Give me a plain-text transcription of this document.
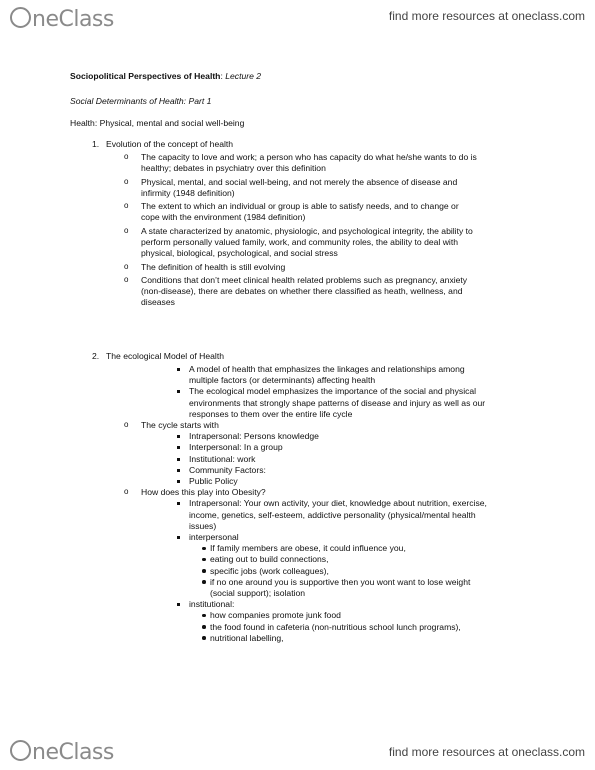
neClass	find more resources at oneclass.com
Sociopolitical Perspectives of Health: Lecture 2
Social Determinants of Health: Part 1
Health: Physical, mental and social well-being
1. Evolution of the concept of health
o The capacity to love and work; a person who has capacity do what he/she wants to do is
healthy; debates in psychiatry over this definition
o Physical, mental, and social well-being, and not merely the absence of disease and
infirmity (1948 definition)
o The extent to which an individual or group is able to satisfy needs, and to change or
cope with the environment (1984 definition)
o A state characterized by anatomic, physiologic, and psychological integrity, the ability to
perform personally valued family, work, and community roles, the ability to deal with
physical, biological, psychological, and social stress
o The definition of health is still evolving
o Conditions that don’t meet clinical health related problems such as pregnancy, anxiety
(non-disease), there are debates on whether there classified as heath, wellness, and
diseases
2. The ecological Model of Health
A model of health that emphasizes the linkages and relationships among
multiple factors (or determinants) affecting health
The ecological model emphasizes the importance of the social and physical
environments that strongly shape patterns of disease and injury as well as our
responses to them over the entire life cycle
o The cycle starts with
Intrapersonal: Persons knowledge
Interpersonal: In a group
Institutional: work
Community Factors:
Public Policy
o How does this play into Obesity?
Intrapersonal: Your own activity, your diet, knowledge about nutrition, exercise,
income, genetics, self-esteem, addictive personality (physical/mental health
issues)
interpersonal
If family members are obese, it could influence you,
eating out to build connections,
specific jobs (work colleagues),
if no one around you is supportive then you wont want to lose weight
(social support); isolation
institutional:
how companies promote junk food
the food found in cafeteria (non-nutritious school lunch programs),
nutritional labelling,
neClass	find more resources at oneclass.com
